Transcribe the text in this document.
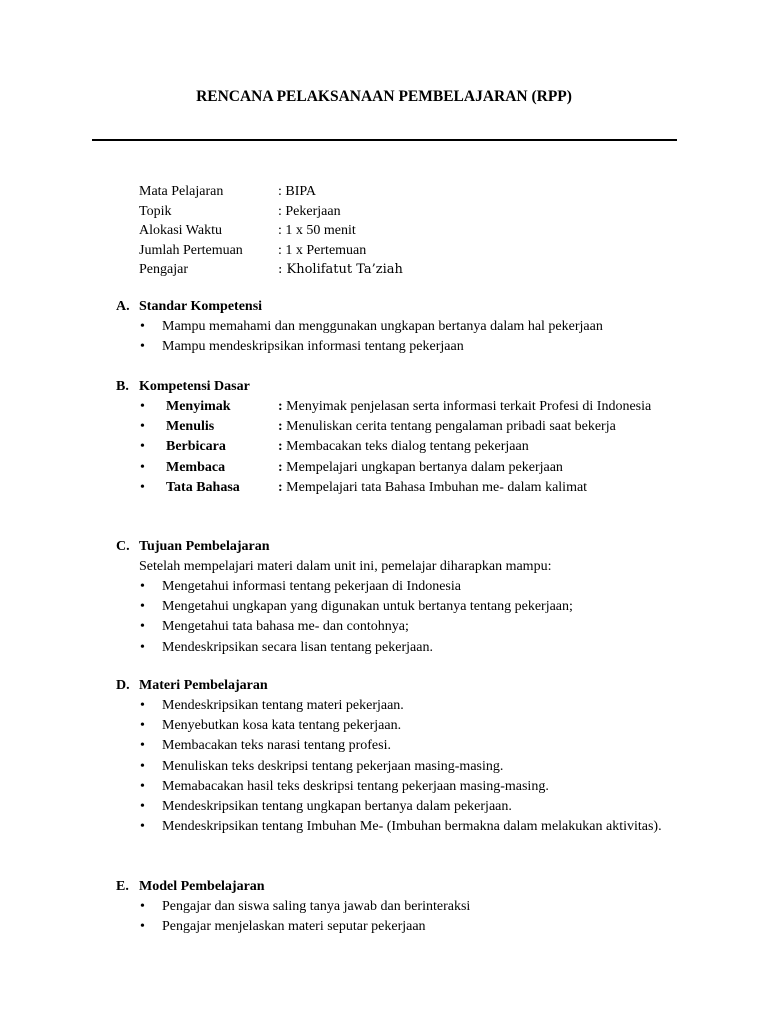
RENCANA PELAKSANAAN PEMBELAJARAN (RPP)
Mata Pelajaran	: BIPA
Topik	: Pekerjaan
Alokasi Waktu	: 1 x 50 menit
Jumlah Pertemuan	: 1 x Pertemuan
Pengajar	: Kholifatut Ta’ziah
A. Standar Kompetensi
• Mampu memahami dan menggunakan ungkapan bertanya dalam hal pekerjaan
• Mampu mendeskripsikan informasi tentang pekerjaan
B. Kompetensi Dasar
• Menyimak	: Menyimak penjelasan serta informasi terkait Profesi di Indonesia
• Menulis	: Menuliskan cerita tentang pengalaman pribadi saat bekerja
• Berbicara	: Membacakan teks dialog tentang pekerjaan
• Membaca	: Mempelajari ungkapan bertanya dalam pekerjaan
• Tata Bahasa	: Mempelajari tata Bahasa Imbuhan me- dalam kalimat
C. Tujuan Pembelajaran
Setelah mempelajari materi dalam unit ini, pemelajar diharapkan mampu:
• Mengetahui informasi tentang pekerjaan di Indonesia
• Mengetahui ungkapan yang digunakan untuk bertanya tentang pekerjaan;
• Mengetahui tata bahasa me- dan contohnya;
• Mendeskripsikan secara lisan tentang pekerjaan.
D. Materi Pembelajaran
• Mendeskripsikan tentang materi pekerjaan.
• Menyebutkan kosa kata tentang pekerjaan.
• Membacakan teks narasi tentang profesi.
• Menuliskan teks deskripsi tentang pekerjaan masing-masing.
• Memabacakan hasil teks deskripsi tentang pekerjaan masing-masing.
• Mendeskripsikan tentang ungkapan bertanya dalam pekerjaan.
• Mendeskripsikan tentang Imbuhan Me- (Imbuhan bermakna dalam melakukan aktivitas).
E. Model Pembelajaran
• Pengajar dan siswa saling tanya jawab dan berinteraksi
• Pengajar menjelaskan materi seputar pekerjaan
